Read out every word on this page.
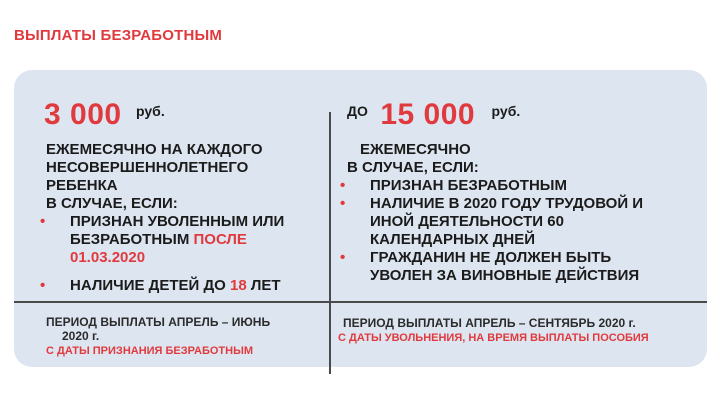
ВЫПЛАТЫ БЕЗРАБОТНЫМ
3 000 руб.
ЕЖЕМЕСЯЧНО НА КАЖДОГО
НЕСОВЕРШЕННОЛЕТНЕГО
РЕБЕНКА
В СЛУЧАЕ, ЕСЛИ:
• ПРИЗНАН УВОЛЕННЫМ ИЛИ
БЕЗРАБОТНЫМ ПОСЛЕ
01.03.2020
• НАЛИЧИЕ ДЕТЕЙ ДО 18 ЛЕТ
ПЕРИОД ВЫПЛАТЫ АПРЕЛЬ – ИЮНЬ
2020 г.
С ДАТЫ ПРИЗНАНИЯ БЕЗРАБОТНЫМ
ДО 15 000 руб.
ЕЖЕМЕСЯЧНО
В СЛУЧАЕ, ЕСЛИ:
• ПРИЗНАН БЕЗРАБОТНЫМ
• НАЛИЧИЕ В 2020 ГОДУ ТРУДОВОЙ И
ИНОЙ ДЕЯТЕЛЬНОСТИ 60
КАЛЕНДАРНЫХ ДНЕЙ
• ГРАЖДАНИН НЕ ДОЛЖЕН БЫТЬ
УВОЛЕН ЗА ВИНОВНЫЕ ДЕЙСТВИЯ
ПЕРИОД ВЫПЛАТЫ АПРЕЛЬ – СЕНТЯБРЬ 2020 г.
С ДАТЫ УВОЛЬНЕНИЯ, НА ВРЕМЯ ВЫПЛАТЫ ПОСОБИЯ
